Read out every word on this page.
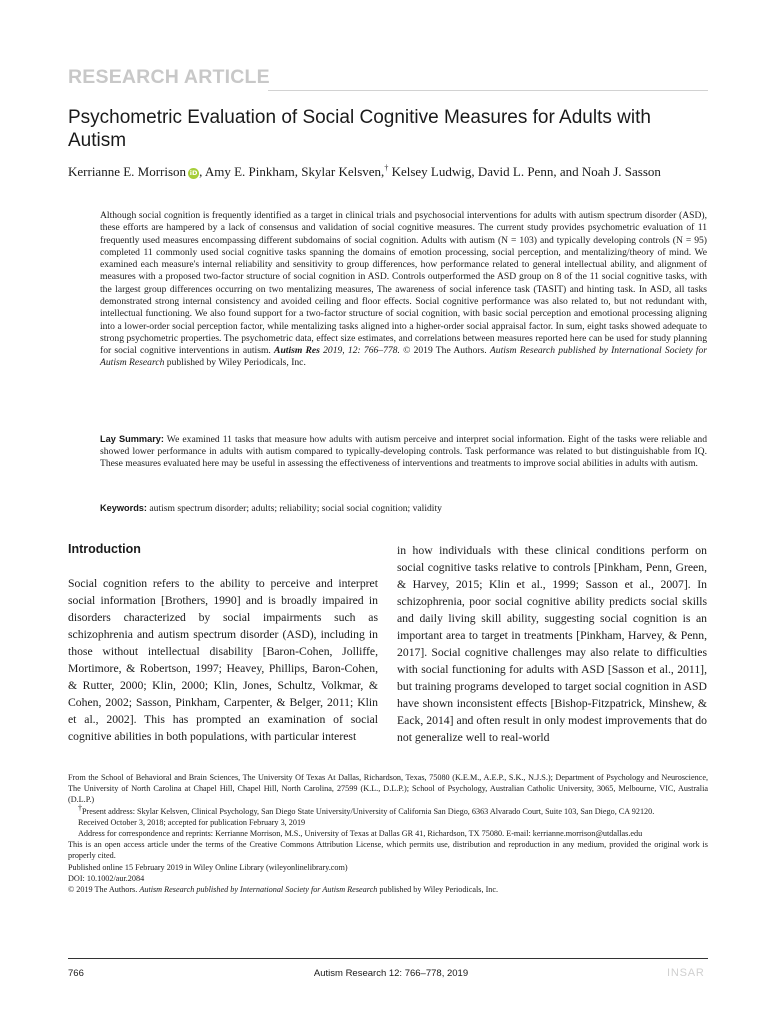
RESEARCH ARTICLE
Psychometric Evaluation of Social Cognitive Measures for Adults with Autism
Kerrianne E. Morrison iD , Amy E. Pinkham, Skylar Kelsven,† Kelsey Ludwig, David L. Penn, and Noah J. Sasson

Although social cognition is frequently identified as a target in clinical trials and psychosocial interventions for adults with autism spectrum disorder (ASD), these efforts are hampered by a lack of consensus and validation of social cognitive measures. The current study provides psychometric evaluation of 11 frequently used measures encompassing different subdomains of social cognition. Adults with autism (N = 103) and typically developing controls (N = 95) completed 11 commonly used social cognitive tasks spanning the domains of emotion processing, social perception, and mentalizing/theory of mind. We examined each measure's internal reliability and sensitivity to group differences, how performance related to general intellectual ability, and alignment of measures with a proposed two-factor structure of social cognition in ASD. Controls outperformed the ASD group on 8 of the 11 social cognitive tasks, with the largest group differences occurring on two mentalizing measures, The awareness of social inference task (TASIT) and hinting task. In ASD, all tasks demonstrated strong internal consistency and avoided ceiling and floor effects. Social cognitive performance was also related to, but not redundant with, intellectual functioning. We also found support for a two-factor structure of social cognition, with basic social perception and emotional processing aligning into a lower-order social perception factor, while mentalizing tasks aligned into a higher-order social appraisal factor. In sum, eight tasks showed adequate to strong psychometric properties. The psychometric data, effect size estimates, and correlations between measures reported here can be used for study planning for social cognitive interventions in autism. Autism Res 2019, 12: 766–778. © 2019 The Authors. Autism Research published by International Society for Autism Research published by Wiley Periodicals, Inc.

Lay Summary: We examined 11 tasks that measure how adults with autism perceive and interpret social information. Eight of the tasks were reliable and showed lower performance in adults with autism compared to typically-developing controls. Task performance was related to but distinguishable from IQ. These measures evaluated here may be useful in assessing the effectiveness of interventions and treatments to improve social abilities in adults with autism.
Keywords: autism spectrum disorder; adults; reliability; social social cognition; validity
Introduction

Social cognition refers to the ability to perceive and interpret social information [Brothers, 1990] and is broadly impaired in disorders characterized by social impairments such as schizophrenia and autism spectrum disorder (ASD), including in those without intellectual disability [Baron-Cohen, Jolliffe, Mortimore, & Robertson, 1997; Heavey, Phillips, Baron-Cohen, & Rutter, 2000; Klin, 2000; Klin, Jones, Schultz, Volkmar, & Cohen, 2002; Sasson, Pinkham, Carpenter, & Belger, 2011; Klin et al., 2002]. This has prompted an examination of social cognitive abilities in both populations, with particular interest

in how individuals with these clinical conditions perform on social cognitive tasks relative to controls [Pinkham, Penn, Green, & Harvey, 2015; Klin et al., 1999; Sasson et al., 2007]. In schizophrenia, poor social cognitive ability predicts social skills and daily living skill ability, suggesting social cognition is an important area to target in treatments [Pinkham, Harvey, & Penn, 2017]. Social cognitive challenges may also relate to difficulties with social functioning for adults with ASD [Sasson et al., 2011], but training programs developed to target social cognition in ASD have shown inconsistent effects [Bishop-Fitzpatrick, Minshew, & Eack, 2014] and often result in only modest improvements that do not generalize well to real-world

From the School of Behavioral and Brain Sciences, The University Of Texas At Dallas, Richardson, Texas, 75080 (K.E.M., A.E.P., S.K., N.J.S.); Department of Psychology and Neuroscience, The University of North Carolina at Chapel Hill, Chapel Hill, North Carolina, 27599 (K.L., D.L.P.); School of Psychology, Australian Catholic University, 3065, Melbourne, VIC, Australia (D.L.P.)

†Present address: Skylar Kelsven, Clinical Psychology, San Diego State University/University of California San Diego, 6363 Alvarado Court, Suite 103, San Diego, CA 92120.

Received October 3, 2018; accepted for publication February 3, 2019

Address for correspondence and reprints: Kerrianne Morrison, M.S., University of Texas at Dallas GR 41, Richardson, TX 75080. E-mail: kerrianne.morrison@utdallas.edu

This is an open access article under the terms of the Creative Commons Attribution License, which permits use, distribution and reproduction in any medium, provided the original work is properly cited.

Published online 15 February 2019 in Wiley Online Library (wileyonlinelibrary.com)

DOI: 10.1002/aur.2084

© 2019 The Authors. Autism Research published by International Society for Autism Research published by Wiley Periodicals, Inc.

766	Autism Research 12: 766–778, 2019	INSAR
